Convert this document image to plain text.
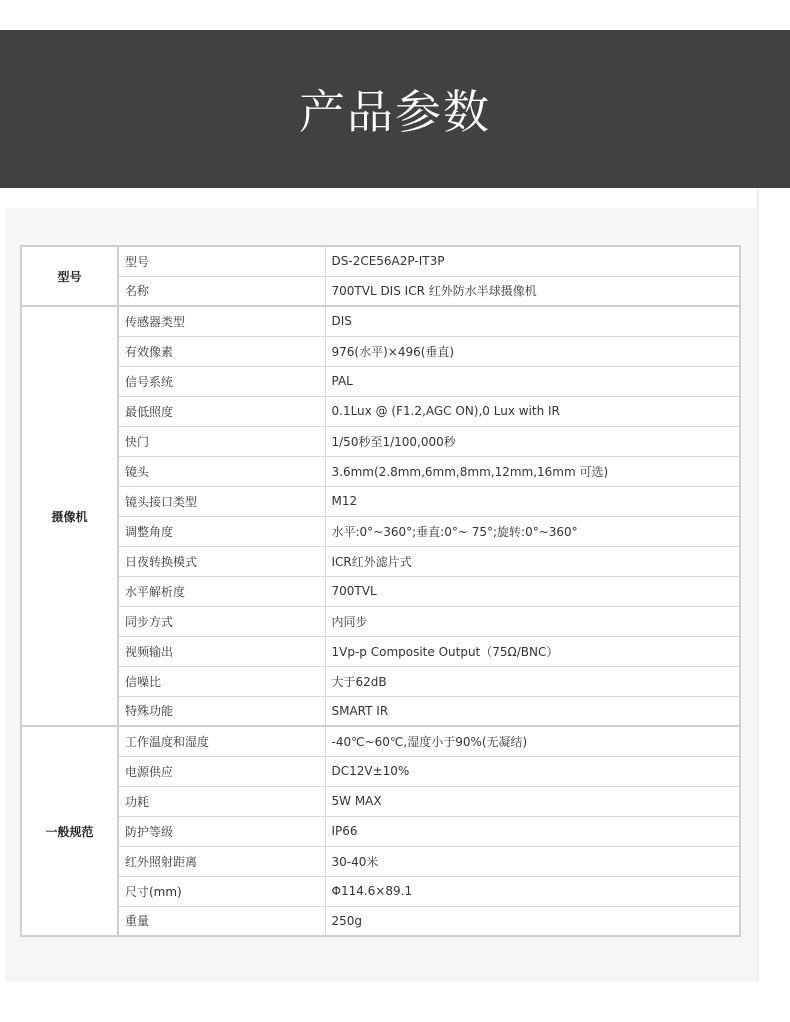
产品参数
型号	型号	DS-2CE56A2P-IT3P
	名称	700TVL DIS ICR 红外防水半球摄像机
摄像机	传感器类型	DIS
	有效像素	976(水平)×496(垂直)
	信号系统	PAL
	最低照度	0.1Lux @ (F1.2,AGC ON),0 Lux with IR
	快门	1/50秒至1/100,000秒
	镜头	3.6mm(2.8mm,6mm,8mm,12mm,16mm 可选)
	镜头接口类型	M12
	调整角度	水平:0°~360°;垂直:0°~ 75°;旋转:0°~360°
	日夜转换模式	ICR红外滤片式
	水平解析度	700TVL
	同步方式	内同步
	视频输出	1Vp-p Composite Output（75Ω/BNC）
	信噪比	大于62dB
	特殊功能	SMART IR
一般规范	工作温度和湿度	-40℃~60℃,湿度小于90%(无凝结)
	电源供应	DC12V±10%
	功耗	5W MAX
	防护等级	IP66
	红外照射距离	30-40米
	尺寸(mm)	Φ114.6×89.1
	重量	250g
